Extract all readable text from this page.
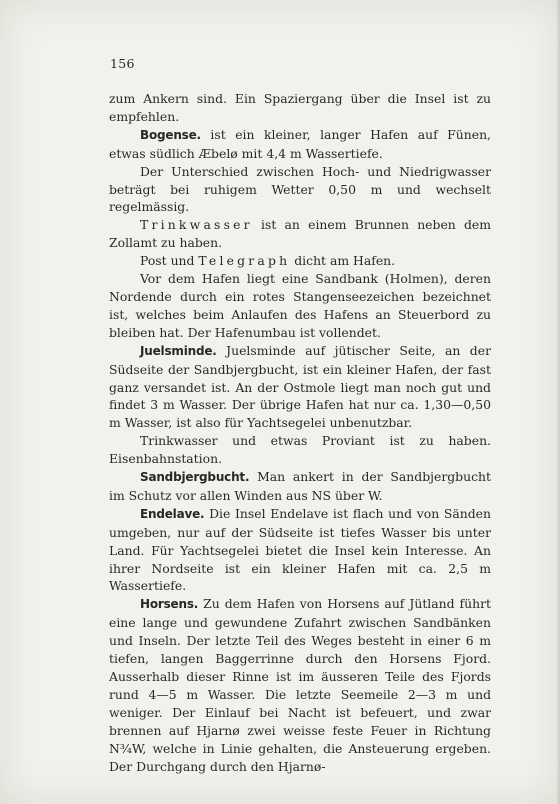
156

zum Ankern sind. Ein Spaziergang über die Insel ist zu empfehlen.

Bogense. ist ein kleiner, langer Hafen auf Fünen, etwas südlich Æbelø mit 4,4 m Wassertiefe.

Der Unterschied zwischen Hoch- und Niedrigwasser beträgt bei ruhigem Wetter 0,50 m und wechselt regelmässig.

Trinkwasser ist an einem Brunnen neben dem Zollamt zu haben.

Post und Telegraph dicht am Hafen.

Vor dem Hafen liegt eine Sandbank (Holmen), deren Nordende durch ein rotes Stangenseezeichen bezeichnet ist, welches beim Anlaufen des Hafens an Steuerbord zu bleiben hat. Der Hafenumbau ist vollendet.

Juelsminde. Juelsminde auf jütischer Seite, an der Südseite der Sandbjergbucht, ist ein kleiner Hafen, der fast ganz versandet ist. An der Ostmole liegt man noch gut und findet 3 m Wasser. Der übrige Hafen hat nur ca. 1,30—0,50 m Wasser, ist also für Yachtsegelei unbenutzbar.

Trinkwasser und etwas Proviant ist zu haben. Eisenbahnstation.

Sandbjergbucht. Man ankert in der Sandbjergbucht im Schutz vor allen Winden aus NS über W.

Endelave. Die Insel Endelave ist flach und von Sänden umgeben, nur auf der Südseite ist tiefes Wasser bis unter Land. Für Yachtsegelei bietet die Insel kein Interesse. An ihrer Nordseite ist ein kleiner Hafen mit ca. 2,5 m Wassertiefe.

Horsens. Zu dem Hafen von Horsens auf Jütland führt eine lange und gewundene Zufahrt zwischen Sandbänken und Inseln. Der letzte Teil des Weges besteht in einer 6 m tiefen, langen Baggerrinne durch den Horsens Fjord. Ausserhalb dieser Rinne ist im äusseren Teile des Fjords rund 4—5 m Wasser. Die letzte Seemeile 2—3 m und weniger. Der Einlauf bei Nacht ist befeuert, und zwar brennen auf Hjarnø zwei weisse feste Feuer in Richtung N¾W, welche in Linie gehalten, die Ansteuerung ergeben. Der Durchgang durch den Hjarnø-
